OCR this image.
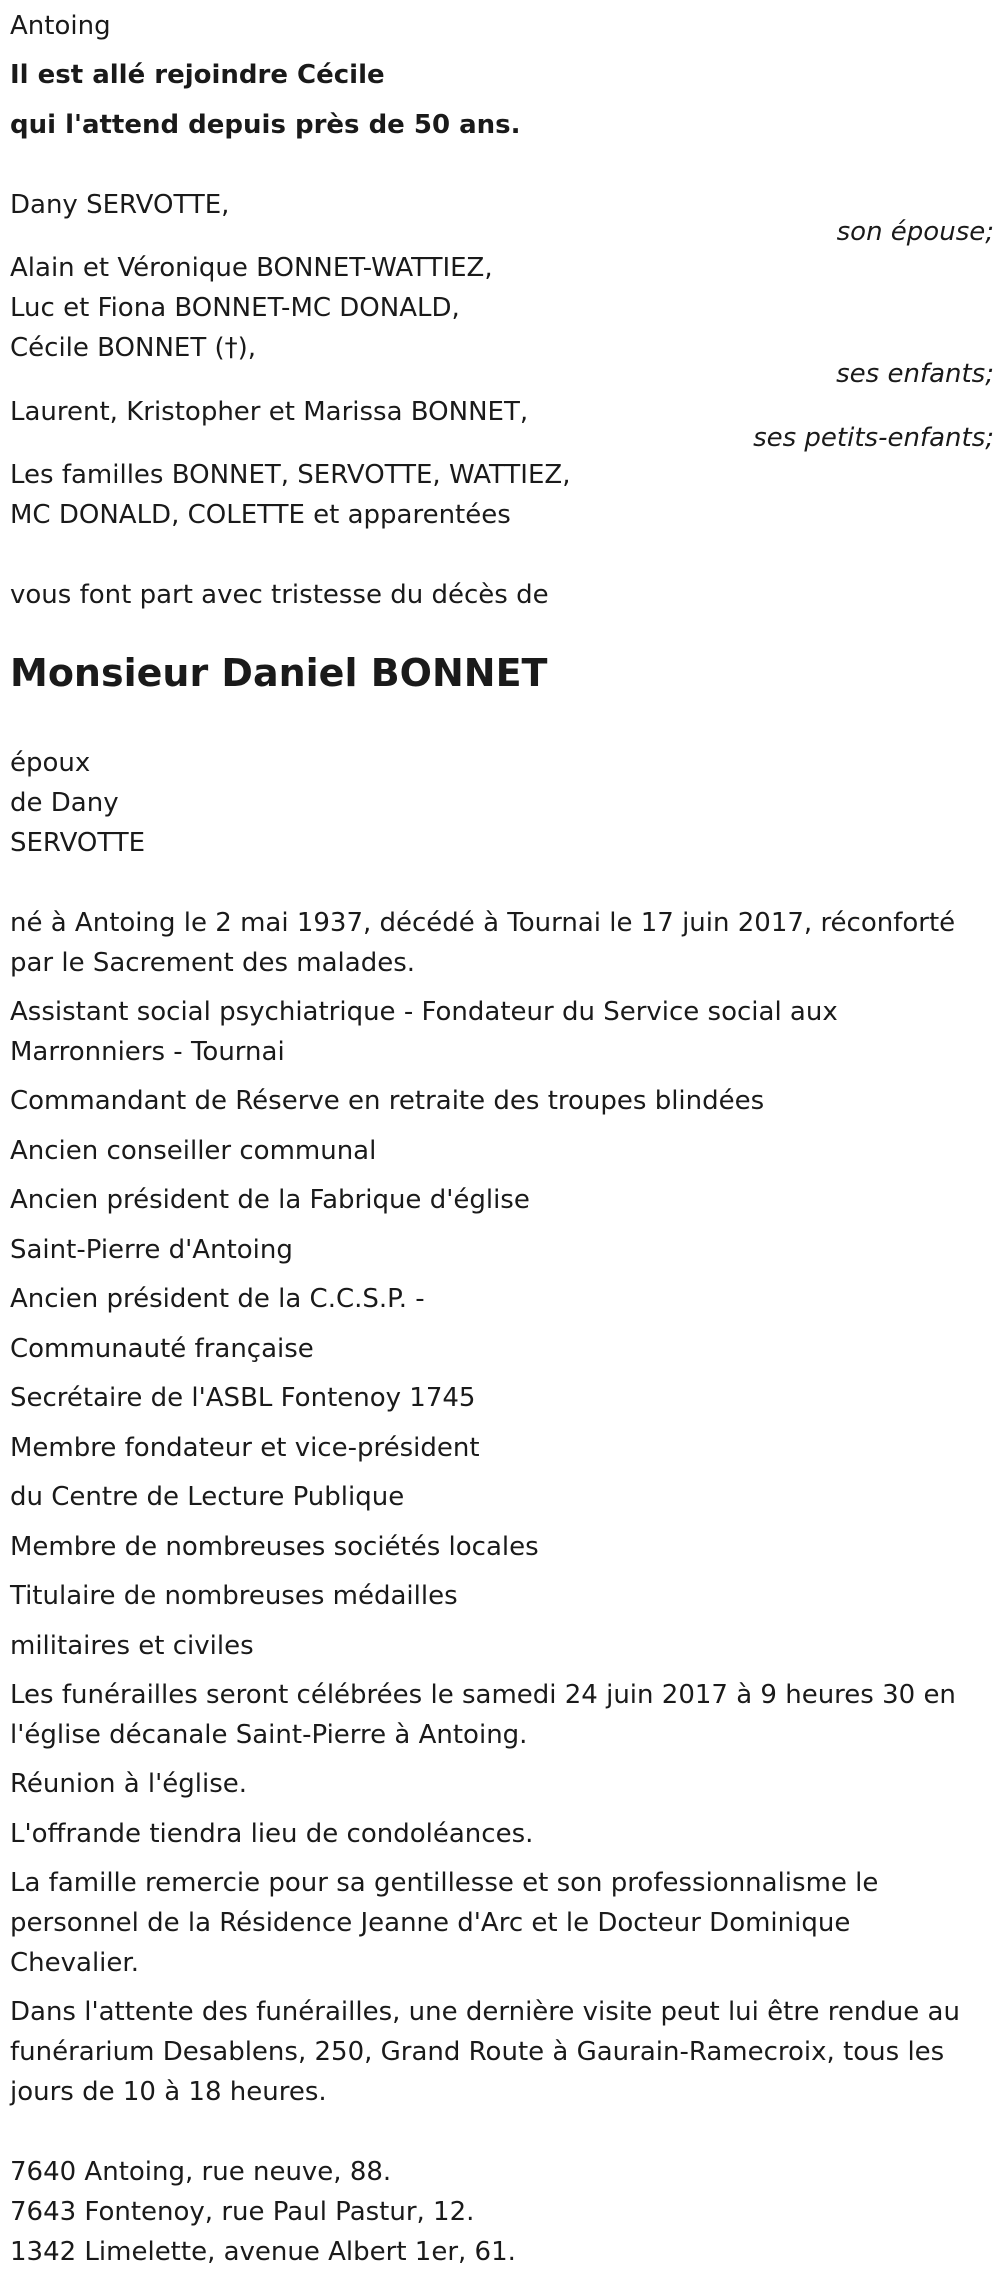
Antoing
Il est allé rejoindre Cécile
qui l'attend depuis près de 50 ans.
Dany SERVOTTE,
son épouse;
Alain et Véronique BONNET-WATTIEZ,
Luc et Fiona BONNET-MC DONALD,
Cécile BONNET (†),
ses enfants;
Laurent, Kristopher et Marissa BONNET,
ses petits-enfants;
Les familles BONNET, SERVOTTE, WATTIEZ,
MC DONALD, COLETTE et apparentées
vous font part avec tristesse du décès de
Monsieur Daniel BONNET
époux
de Dany
SERVOTTE
né à Antoing le 2 mai 1937, décédé à Tournai le 17 juin 2017, réconforté
par le Sacrement des malades.
Assistant social psychiatrique - Fondateur du Service social aux
Marronniers - Tournai
Commandant de Réserve en retraite des troupes blindées
Ancien conseiller communal
Ancien président de la Fabrique d'église
Saint-Pierre d'Antoing
Ancien président de la C.C.S.P. -
Communauté française
Secrétaire de l'ASBL Fontenoy 1745
Membre fondateur et vice-président
du Centre de Lecture Publique
Membre de nombreuses sociétés locales
Titulaire de nombreuses médailles
militaires et civiles
Les funérailles seront célébrées le samedi 24 juin 2017 à 9 heures 30 en
l'église décanale Saint-Pierre à Antoing.
Réunion à l'église.
L'offrande tiendra lieu de condoléances.
La famille remercie pour sa gentillesse et son professionnalisme le
personnel de la Résidence Jeanne d'Arc et le Docteur Dominique
Chevalier.
Dans l'attente des funérailles, une dernière visite peut lui être rendue au
funérarium Desablens, 250, Grand Route à Gaurain-Ramecroix, tous les
jours de 10 à 18 heures.
7640 Antoing, rue neuve, 88.
7643 Fontenoy, rue Paul Pastur, 12.
1342 Limelette, avenue Albert 1er, 61.
